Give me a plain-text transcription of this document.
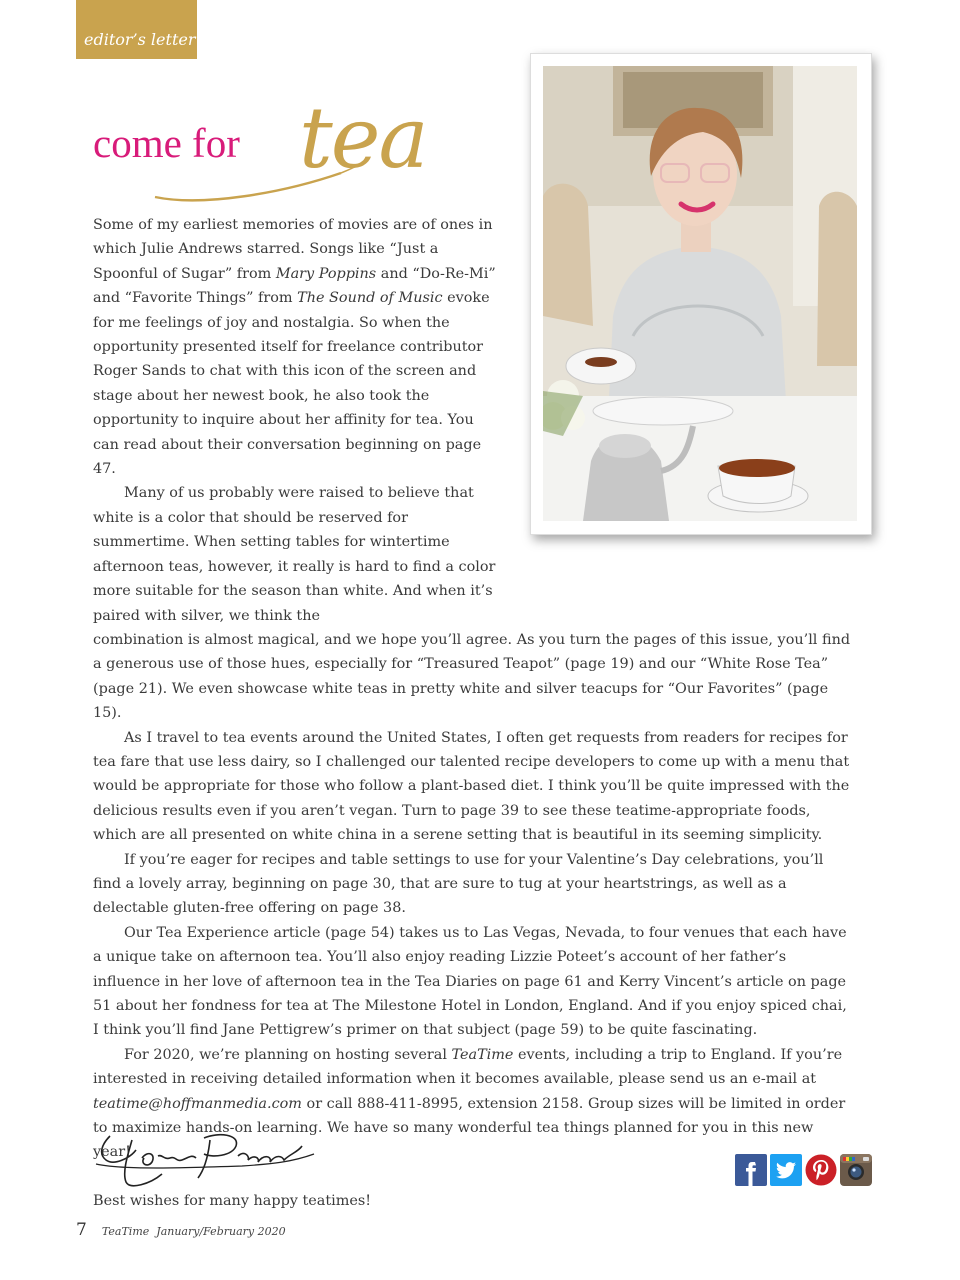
editor’s letter
come for tea

Some of my earliest memories of movies are of ones in which Julie Andrews starred. Songs like “Just a Spoonful of Sugar” from Mary Poppins and “Do-Re-Mi” and “Favorite Things” from The Sound of Music evoke for me feelings of joy and nostalgia. So when the opportunity presented itself for freelance contributor Roger Sands to chat with this icon of the screen and stage about her newest book, he also took the opportunity to inquire about her affinity for tea. You can read about their conversation beginning on page 47.

Many of us probably were raised to believe that white is a color that should be reserved for summertime. When setting tables for wintertime afternoon teas, however, it really is hard to find a color more suitable for the season than white. And when it’s paired with silver, we think the

combination is almost magical, and we hope you’ll agree. As you turn the pages of this issue, you’ll find a generous use of those hues, especially for “Treasured Teapot” (page 19) and our “White Rose Tea” (page 21). We even showcase white teas in pretty white and silver teacups for “Our Favorites” (page 15).

As I travel to tea events around the United States, I often get requests from readers for recipes for tea fare that use less dairy, so I challenged our talented recipe developers to come up with a menu that would be appropriate for those who follow a plant-based diet. I think you’ll be quite impressed with the delicious results even if you aren’t vegan. Turn to page 39 to see these teatime-appropriate foods, which are all presented on white china in a serene setting that is beautiful in its seeming simplicity.

If you’re eager for recipes and table settings to use for your Valentine’s Day celebrations, you’ll find a lovely array, beginning on page 30, that are sure to tug at your heartstrings, as well as a delectable gluten-free offering on page 38.

Our Tea Experience article (page 54) takes us to Las Vegas, Nevada, to four venues that each have a unique take on afternoon tea. You’ll also enjoy reading Lizzie Poteet’s account of her father’s influence in her love of afternoon tea in the Tea Diaries on page 61 and Kerry Vincent’s article on page 51 about her fondness for tea at The Milestone Hotel in London, England. And if you enjoy spiced chai, I think you’ll find Jane Pettigrew’s primer on that subject (page 59) to be quite fascinating.

For 2020, we’re planning on hosting several TeaTime events, including a trip to England. If you’re interested in receiving detailed information when it becomes available, please send us an e-mail at teatime@hoffmanmedia.com or call 888-411-8995, extension 2158. Group sizes will be limited in order to maximize hands-on learning. We have so many wonderful tea things planned for you in this new year!

Best wishes for many happy teatimes!

7 TeaTime January/February 2020
